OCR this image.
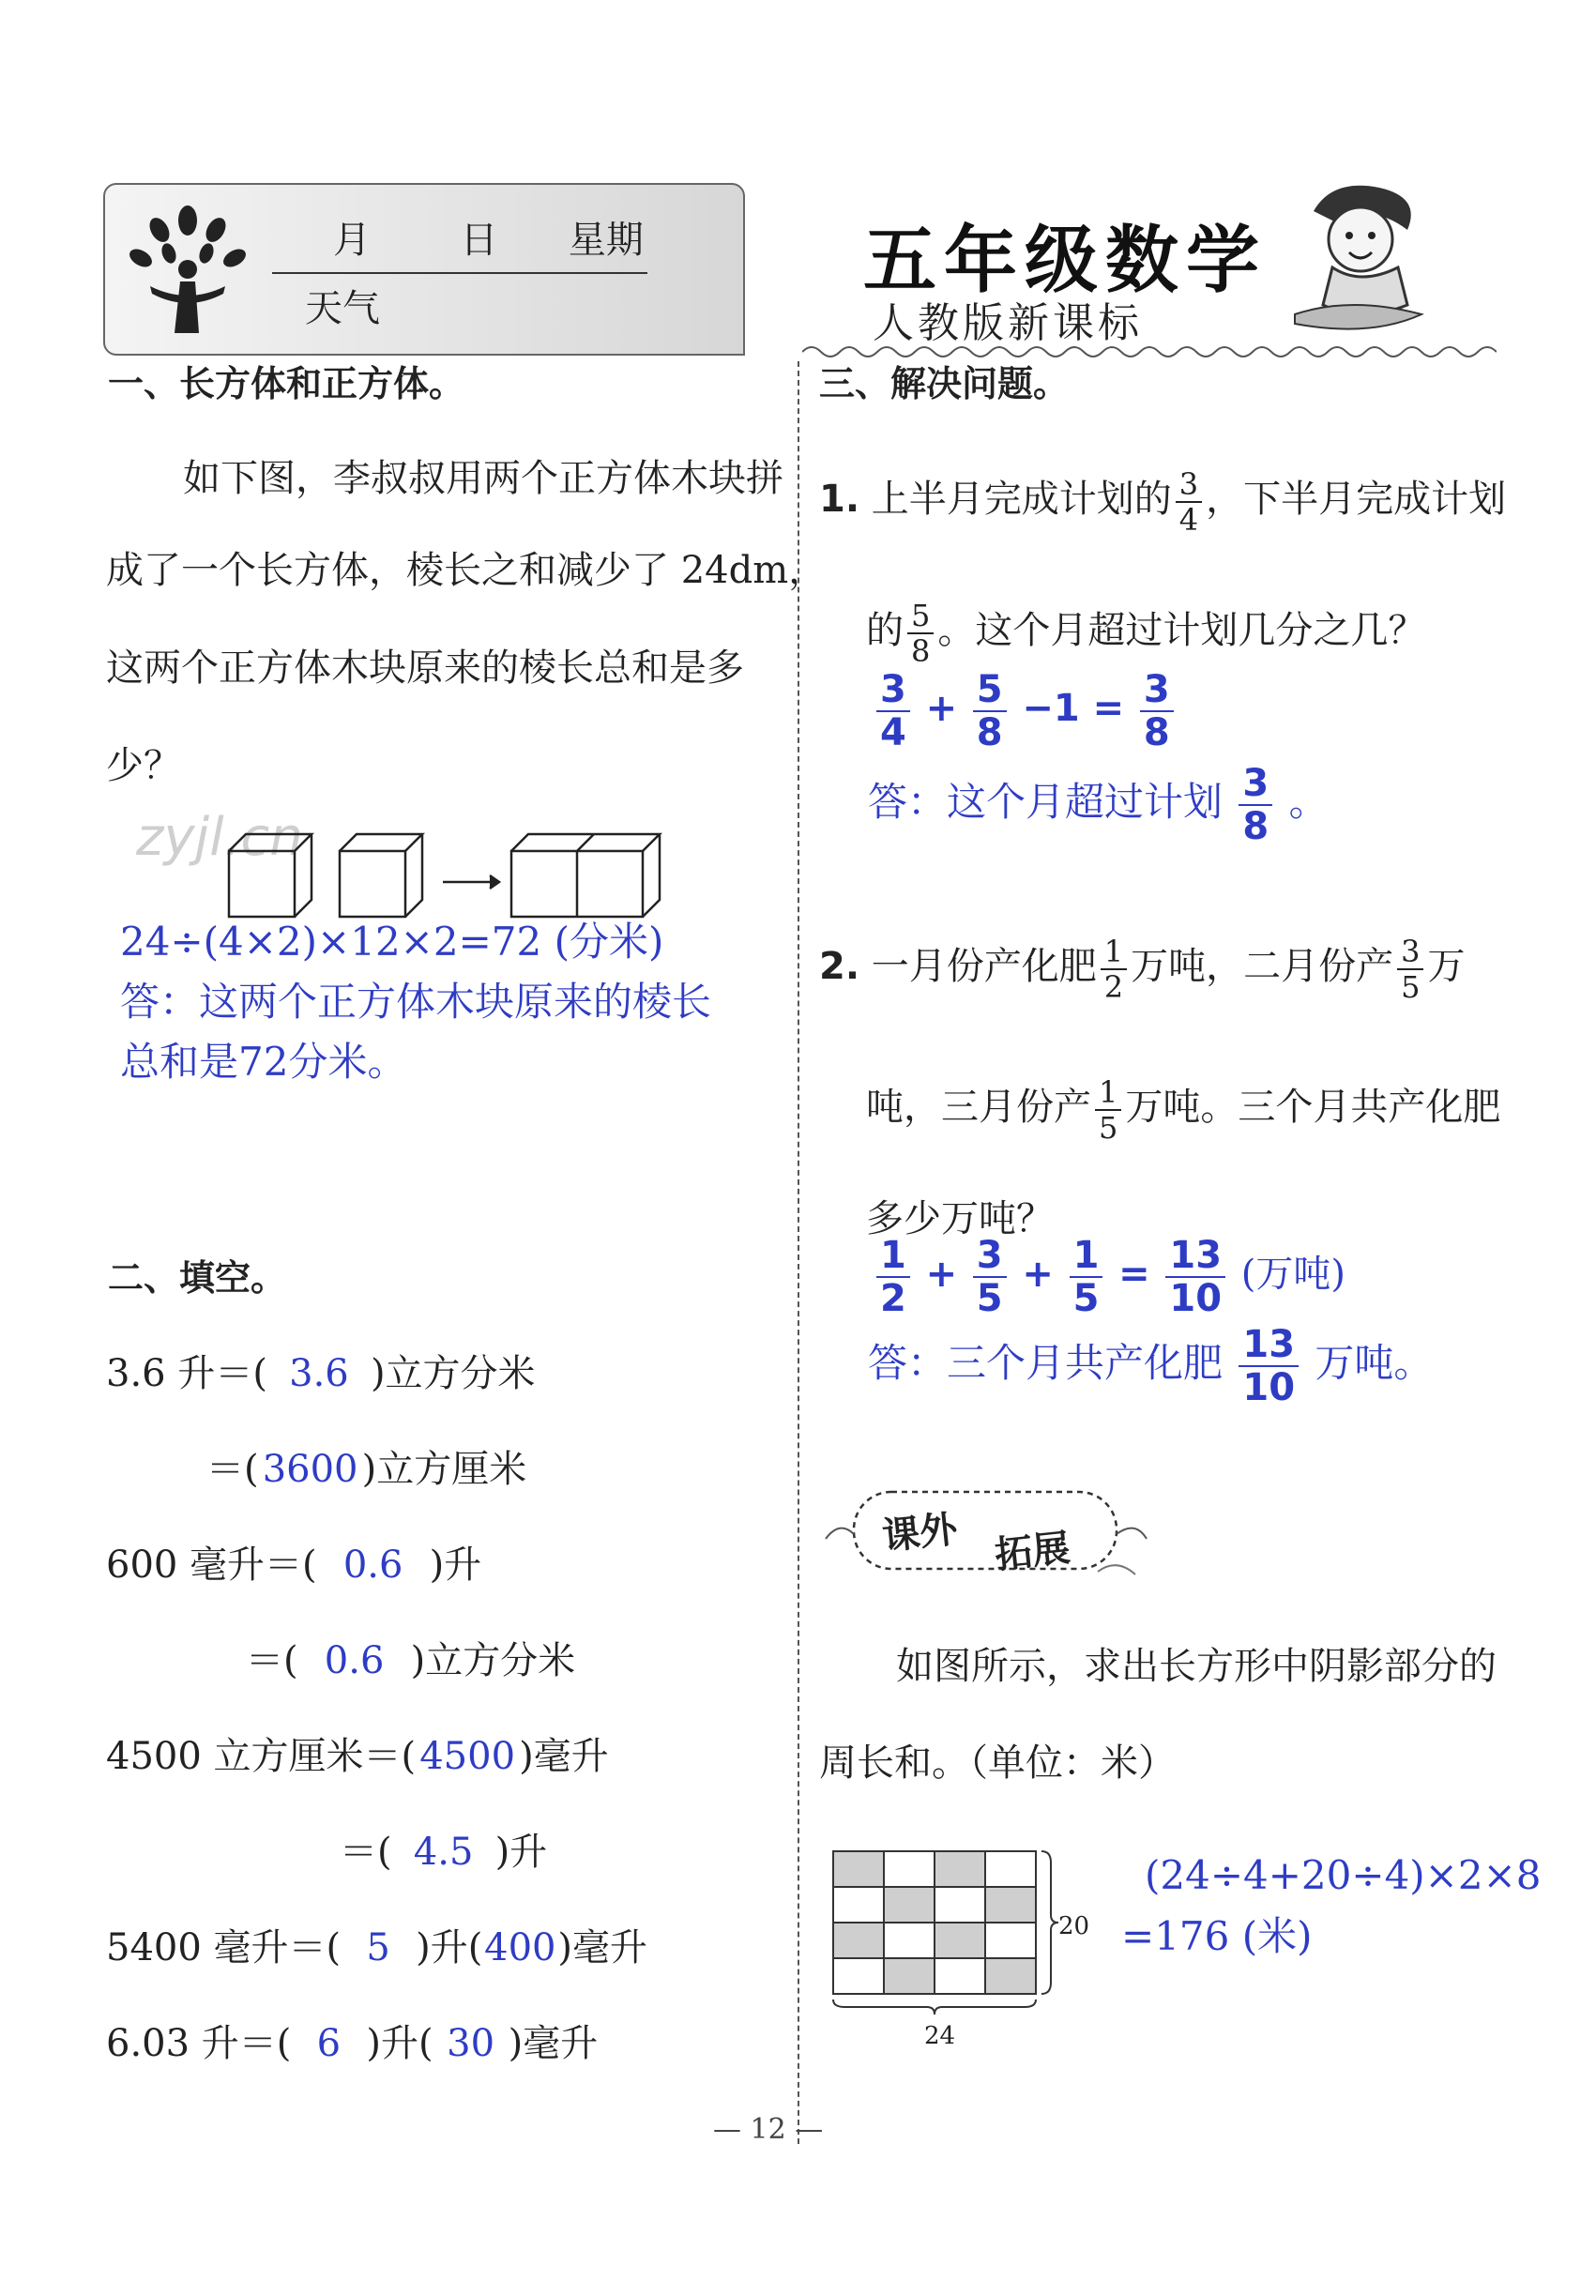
月 日 星期
天气
五年级数学
人教版新课标
一、长方体和正方体。
如下图，李叔叔用两个正方体木块拼
成了一个长方体，棱长之和减少了 24dm，
这两个正方体木块原来的棱长总和是多
少？
zyjl.cn
24÷(4×2)×12×2=72 (分米)
答：这两个正方体木块原来的棱长
总和是72分米。
二、填空。
3.6 升＝( 3.6 )立方分米
＝( 3600 )立方厘米
600 毫升＝( 0.6 )升
＝( 0.6 )立方分米
4500 立方厘米＝( 4500 )毫升
＝( 4.5 )升
5400 毫升＝( 5 )升(400)毫升
6.03 升＝( 6 )升( 30 )毫升
三、解决问题。
1. 上半月完成计划的 $\frac{3}{4}$ ，下半月完成计划
的 $\frac{5}{8}$ 。这个月超过计划几分之几？
$\frac{3}{4} + \frac{5}{8} -1 = \frac{3}{8}$
答：这个月超过计划 $\frac{3}{8}$ 。
2. 一月份产化肥 $\frac{1}{2}$ 万吨，二月份产 $\frac{3}{5}$ 万
吨，三月份产 $\frac{1}{5}$ 万吨。三个月共产化肥
多少万吨？
$\frac{1}{2} + \frac{3}{5} + \frac{1}{5} = \frac{13}{10}$ (万吨)
答：三个月共产化肥 $\frac{13}{10}$ 万吨。
课外 拓展
如图所示，求出长方形中阴影部分的
周长和。（单位：米）
20
24
(24÷4+20÷4)×2×8
=176 (米)
— 12 —
